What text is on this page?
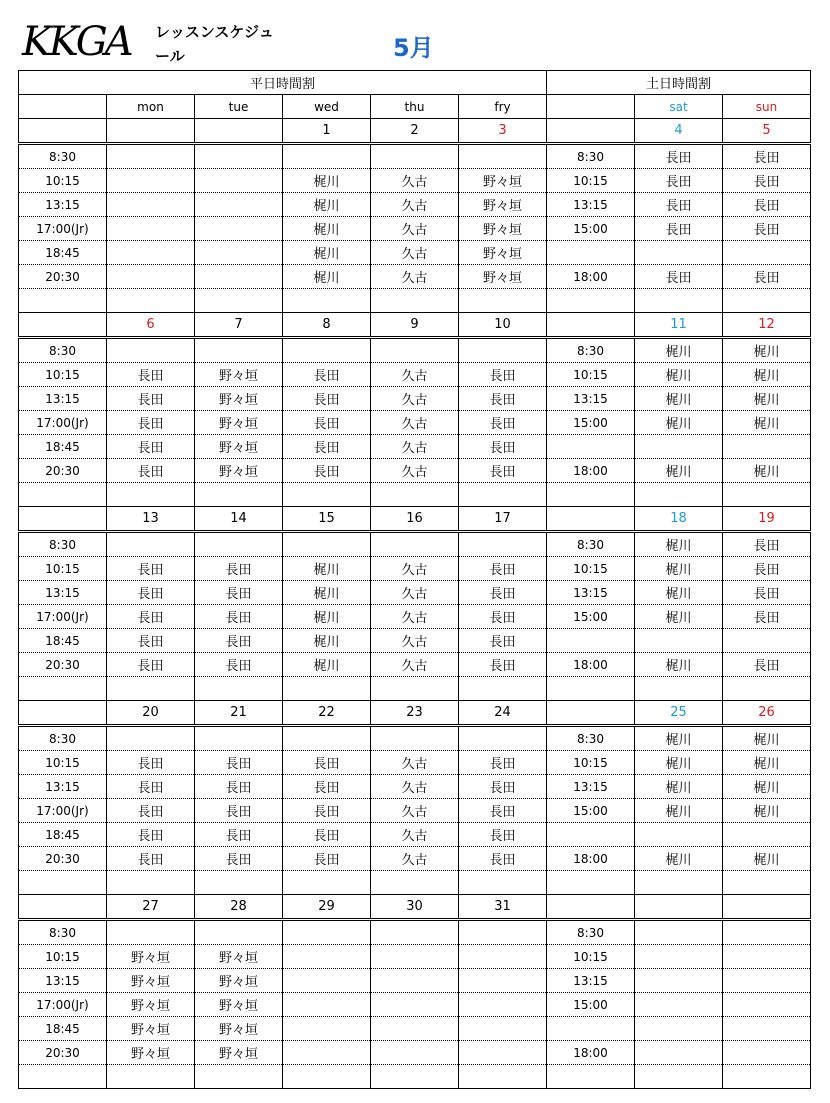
KKGA レッスンスケジュール	5月
平日時間割						土日時間割		
	mon	tue	wed	thu	fry		sat	sun
			1	2	3		4	5
8:30						8:30	長田	長田
10:15			梶川	久古	野々垣	10:15	長田	長田
13:15			梶川	久古	野々垣	13:15	長田	長田
17:00(Jr)			梶川	久古	野々垣	15:00	長田	長田
18:45			梶川	久古	野々垣			
20:30			梶川	久古	野々垣	18:00	長田	長田

	6	7	8	9	10		11	12
8:30						8:30	梶川	梶川
10:15	長田	野々垣	長田	久古	長田	10:15	梶川	梶川
13:15	長田	野々垣	長田	久古	長田	13:15	梶川	梶川
17:00(Jr)	長田	野々垣	長田	久古	長田	15:00	梶川	梶川
18:45	長田	野々垣	長田	久古	長田			
20:30	長田	野々垣	長田	久古	長田	18:00	梶川	梶川

	13	14	15	16	17		18	19
8:30						8:30	梶川	長田
10:15	長田	長田	梶川	久古	長田	10:15	梶川	長田
13:15	長田	長田	梶川	久古	長田	13:15	梶川	長田
17:00(Jr)	長田	長田	梶川	久古	長田	15:00	梶川	長田
18:45	長田	長田	梶川	久古	長田			
20:30	長田	長田	梶川	久古	長田	18:00	梶川	長田

	20	21	22	23	24		25	26
8:30						8:30	梶川	梶川
10:15	長田	長田	長田	久古	長田	10:15	梶川	梶川
13:15	長田	長田	長田	久古	長田	13:15	梶川	梶川
17:00(Jr)	長田	長田	長田	久古	長田	15:00	梶川	梶川
18:45	長田	長田	長田	久古	長田			
20:30	長田	長田	長田	久古	長田	18:00	梶川	梶川

	27	28	29	30	31			
8:30						8:30		
10:15	野々垣	野々垣				10:15		
13:15	野々垣	野々垣				13:15		
17:00(Jr)	野々垣	野々垣				15:00		
18:45	野々垣	野々垣						
20:30	野々垣	野々垣				18:00		
